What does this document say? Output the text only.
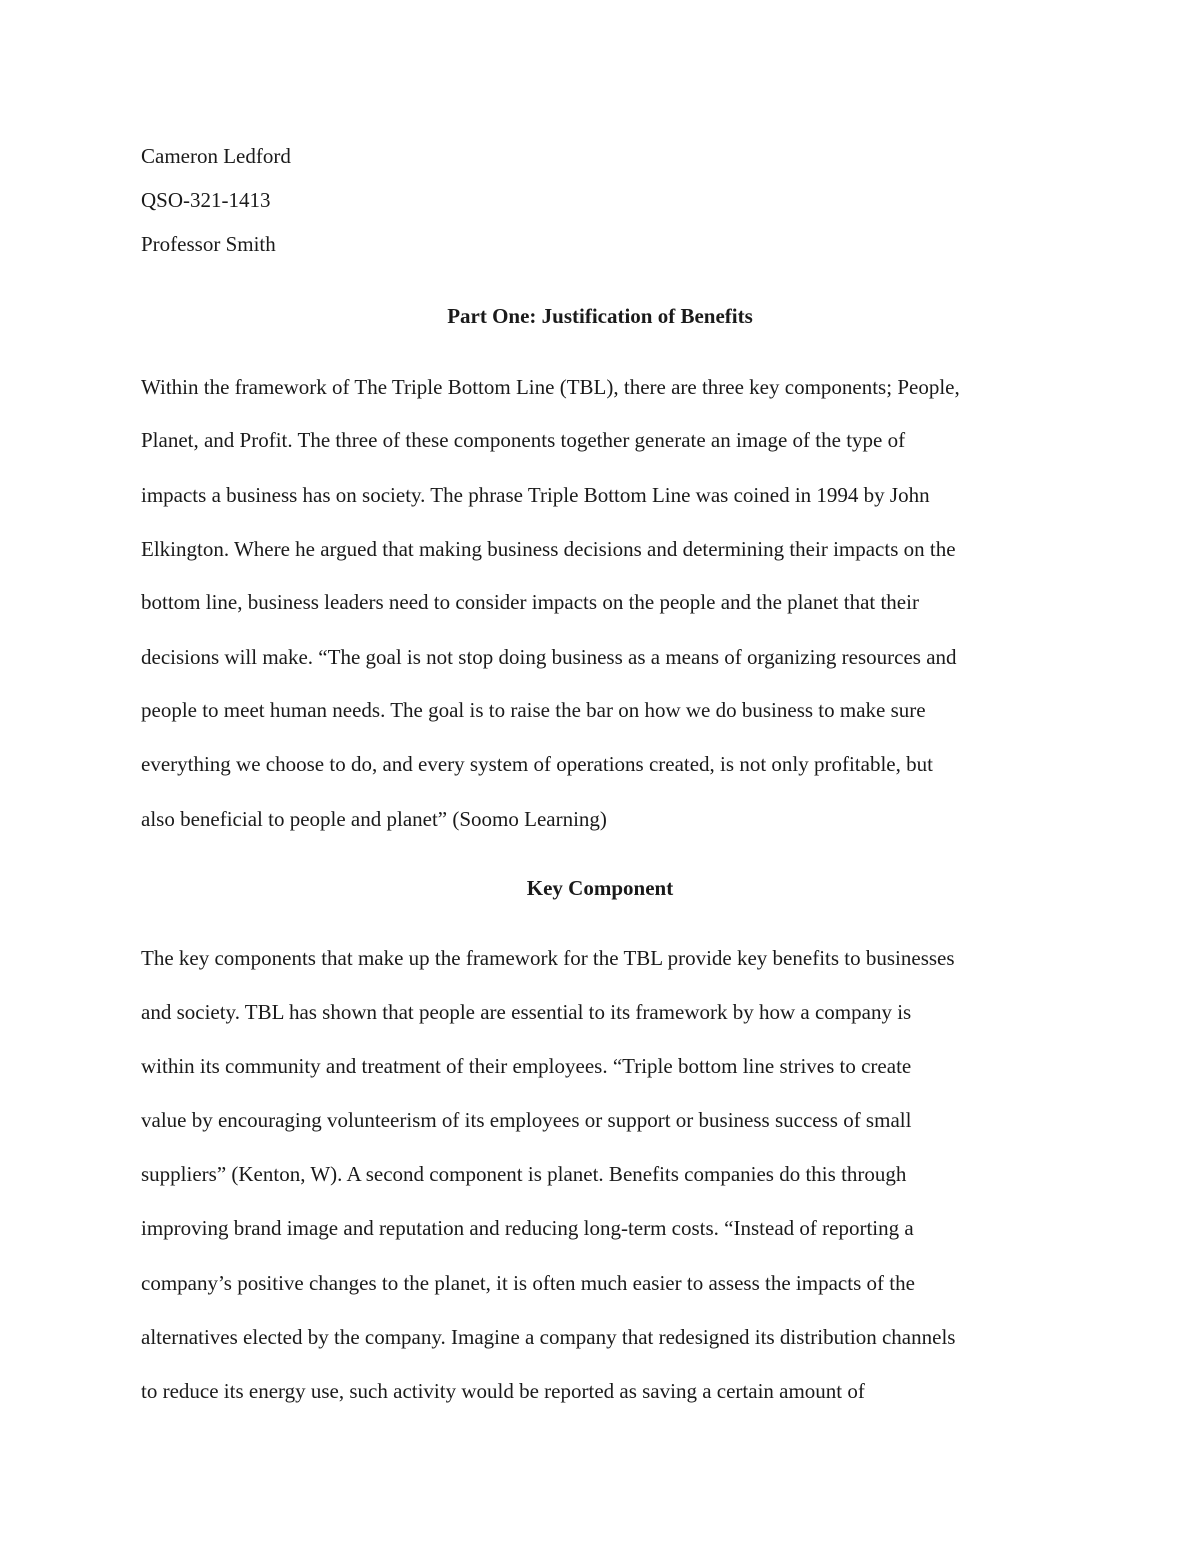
Cameron Ledford
QSO-321-1413
Professor Smith
Part One: Justification of Benefits
Within the framework of The Triple Bottom Line (TBL), there are three key components; People,
Planet, and Profit. The three of these components together generate an image of the type of
impacts a business has on society. The phrase Triple Bottom Line was coined in 1994 by John
Elkington. Where he argued that making business decisions and determining their impacts on the
bottom line, business leaders need to consider impacts on the people and the planet that their
decisions will make. “The goal is not stop doing business as a means of organizing resources and
people to meet human needs. The goal is to raise the bar on how we do business to make sure
everything we choose to do, and every system of operations created, is not only profitable, but
also beneficial to people and planet” (Soomo Learning)
Key Component
The key components that make up the framework for the TBL provide key benefits to businesses
and society. TBL has shown that people are essential to its framework by how a company is
within its community and treatment of their employees. “Triple bottom line strives to create
value by encouraging volunteerism of its employees or support or business success of small
suppliers” (Kenton, W). A second component is planet. Benefits companies do this through
improving brand image and reputation and reducing long-term costs. “Instead of reporting a
company’s positive changes to the planet, it is often much easier to assess the impacts of the
alternatives elected by the company. Imagine a company that redesigned its distribution channels
to reduce its energy use, such activity would be reported as saving a certain amount of
